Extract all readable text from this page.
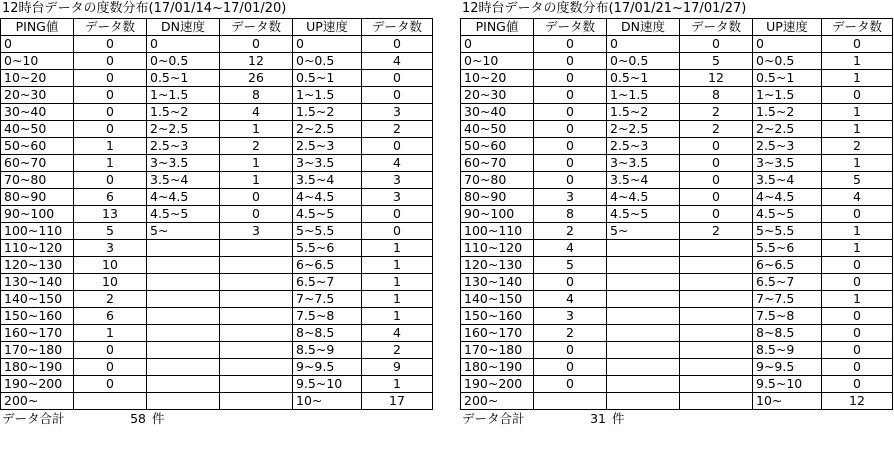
12時台データの度数分布(17/01/14~17/01/20)
PING値	データ数	DN速度	データ数	UP速度	データ数
0	0	0	0	0	0
0~10	0	0~0.5	12	0~0.5	4
10~20	0	0.5~1	26	0.5~1	0
20~30	0	1~1.5	8	1~1.5	0
30~40	0	1.5~2	4	1.5~2	3
40~50	0	2~2.5	1	2~2.5	2
50~60	1	2.5~3	2	2.5~3	0
60~70	1	3~3.5	1	3~3.5	4
70~80	0	3.5~4	1	3.5~4	3
80~90	6	4~4.5	0	4~4.5	3
90~100	13	4.5~5	0	4.5~5	0
100~110	5	5~	3	5~5.5	0
110~120	3			5.5~6	1
120~130	10			6~6.5	1
130~140	10			6.5~7	1
140~150	2			7~7.5	1
150~160	6			7.5~8	1
160~170	1			8~8.5	4
170~180	0			8.5~9	2
180~190	0			9~9.5	9
190~200	0			9.5~10	1
200~				10~	17
データ合計	58 件
12時台データの度数分布(17/01/21~17/01/27)
PING値	データ数	DN速度	データ数	UP速度	データ数
0	0	0	0	0	0
0~10	0	0~0.5	5	0~0.5	1
10~20	0	0.5~1	12	0.5~1	1
20~30	0	1~1.5	8	1~1.5	0
30~40	0	1.5~2	2	1.5~2	1
40~50	0	2~2.5	2	2~2.5	1
50~60	0	2.5~3	0	2.5~3	2
60~70	0	3~3.5	0	3~3.5	1
70~80	0	3.5~4	0	3.5~4	5
80~90	3	4~4.5	0	4~4.5	4
90~100	8	4.5~5	0	4.5~5	0
100~110	2	5~	2	5~5.5	1
110~120	4			5.5~6	1
120~130	5			6~6.5	0
130~140	0			6.5~7	0
140~150	4			7~7.5	1
150~160	3			7.5~8	0
160~170	2			8~8.5	0
170~180	0			8.5~9	0
180~190	0			9~9.5	0
190~200	0			9.5~10	0
200~				10~	12
データ合計	31 件
